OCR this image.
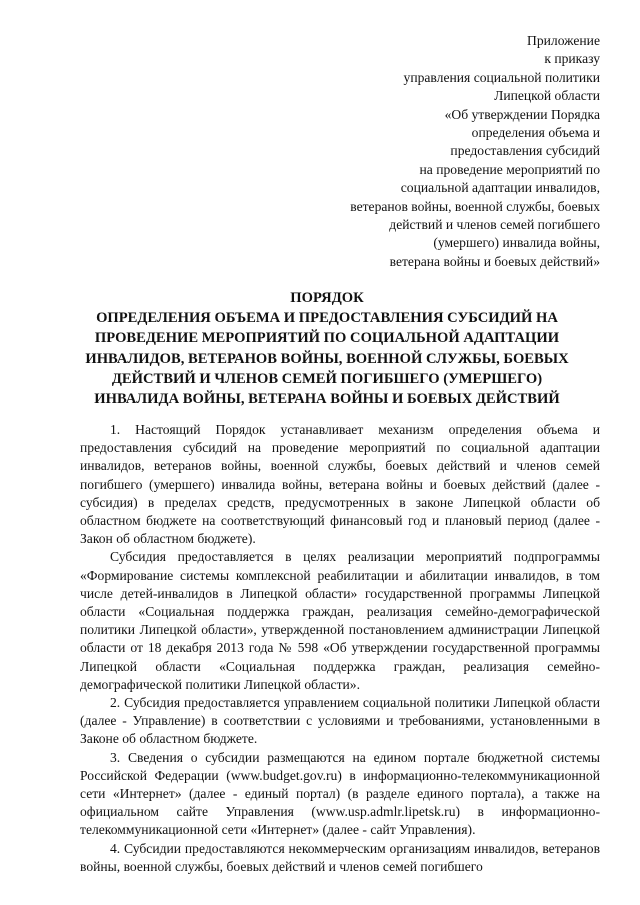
Приложение
к приказу
управления социальной политики
Липецкой области
«Об утверждении Порядка
определения объема и
предоставления субсидий
на проведение мероприятий по
социальной адаптации инвалидов,
ветеранов войны, военной службы, боевых
действий и членов семей погибшего
(умершего) инвалида войны,
ветерана войны и боевых действий»
ПОРЯДОК
ОПРЕДЕЛЕНИЯ ОБЪЕМА И ПРЕДОСТАВЛЕНИЯ СУБСИДИЙ НА
ПРОВЕДЕНИЕ МЕРОПРИЯТИЙ ПО СОЦИАЛЬНОЙ АДАПТАЦИИ
ИНВАЛИДОВ, ВЕТЕРАНОВ ВОЙНЫ, ВОЕННОЙ СЛУЖБЫ, БОЕВЫХ
ДЕЙСТВИЙ И ЧЛЕНОВ СЕМЕЙ ПОГИБШЕГО (УМЕРШЕГО)
ИНВАЛИДА ВОЙНЫ, ВЕТЕРАНА ВОЙНЫ И БОЕВЫХ ДЕЙСТВИЙ

1. Настоящий Порядок устанавливает механизм определения объема и предоставления субсидий на проведение мероприятий по социальной адаптации инвалидов, ветеранов войны, военной службы, боевых действий и членов семей погибшего (умершего) инвалида войны, ветерана войны и боевых действий (далее - субсидия) в пределах средств, предусмотренных в законе Липецкой области об областном бюджете на соответствующий финансовый год и плановый период (далее - Закон об областном бюджете).

Субсидия предоставляется в целях реализации мероприятий подпрограммы «Формирование системы комплексной реабилитации и абилитации инвалидов, в том числе детей-инвалидов в Липецкой области» государственной программы Липецкой области «Социальная поддержка граждан, реализация семейно-демографической политики Липецкой области», утвержденной постановлением администрации Липецкой области от 18 декабря 2013 года № 598 «Об утверждении государственной программы Липецкой области «Социальная поддержка граждан, реализация семейно-демографической политики Липецкой области».

2. Субсидия предоставляется управлением социальной политики Липецкой области (далее - Управление) в соответствии с условиями и требованиями, установленными в Законе об областном бюджете.

3. Сведения о субсидии размещаются на едином портале бюджетной системы Российской Федерации (www.budget.gov.ru) в информационно-телекоммуникационной сети «Интернет» (далее - единый портал) (в разделе единого портала), а также на официальном сайте Управления (www.usp.admlr.lipetsk.ru) в информационно-телекоммуникационной сети «Интернет» (далее - сайт Управления).

4. Субсидии предоставляются некоммерческим организациям инвалидов, ветеранов войны, военной службы, боевых действий и членов семей погибшего
